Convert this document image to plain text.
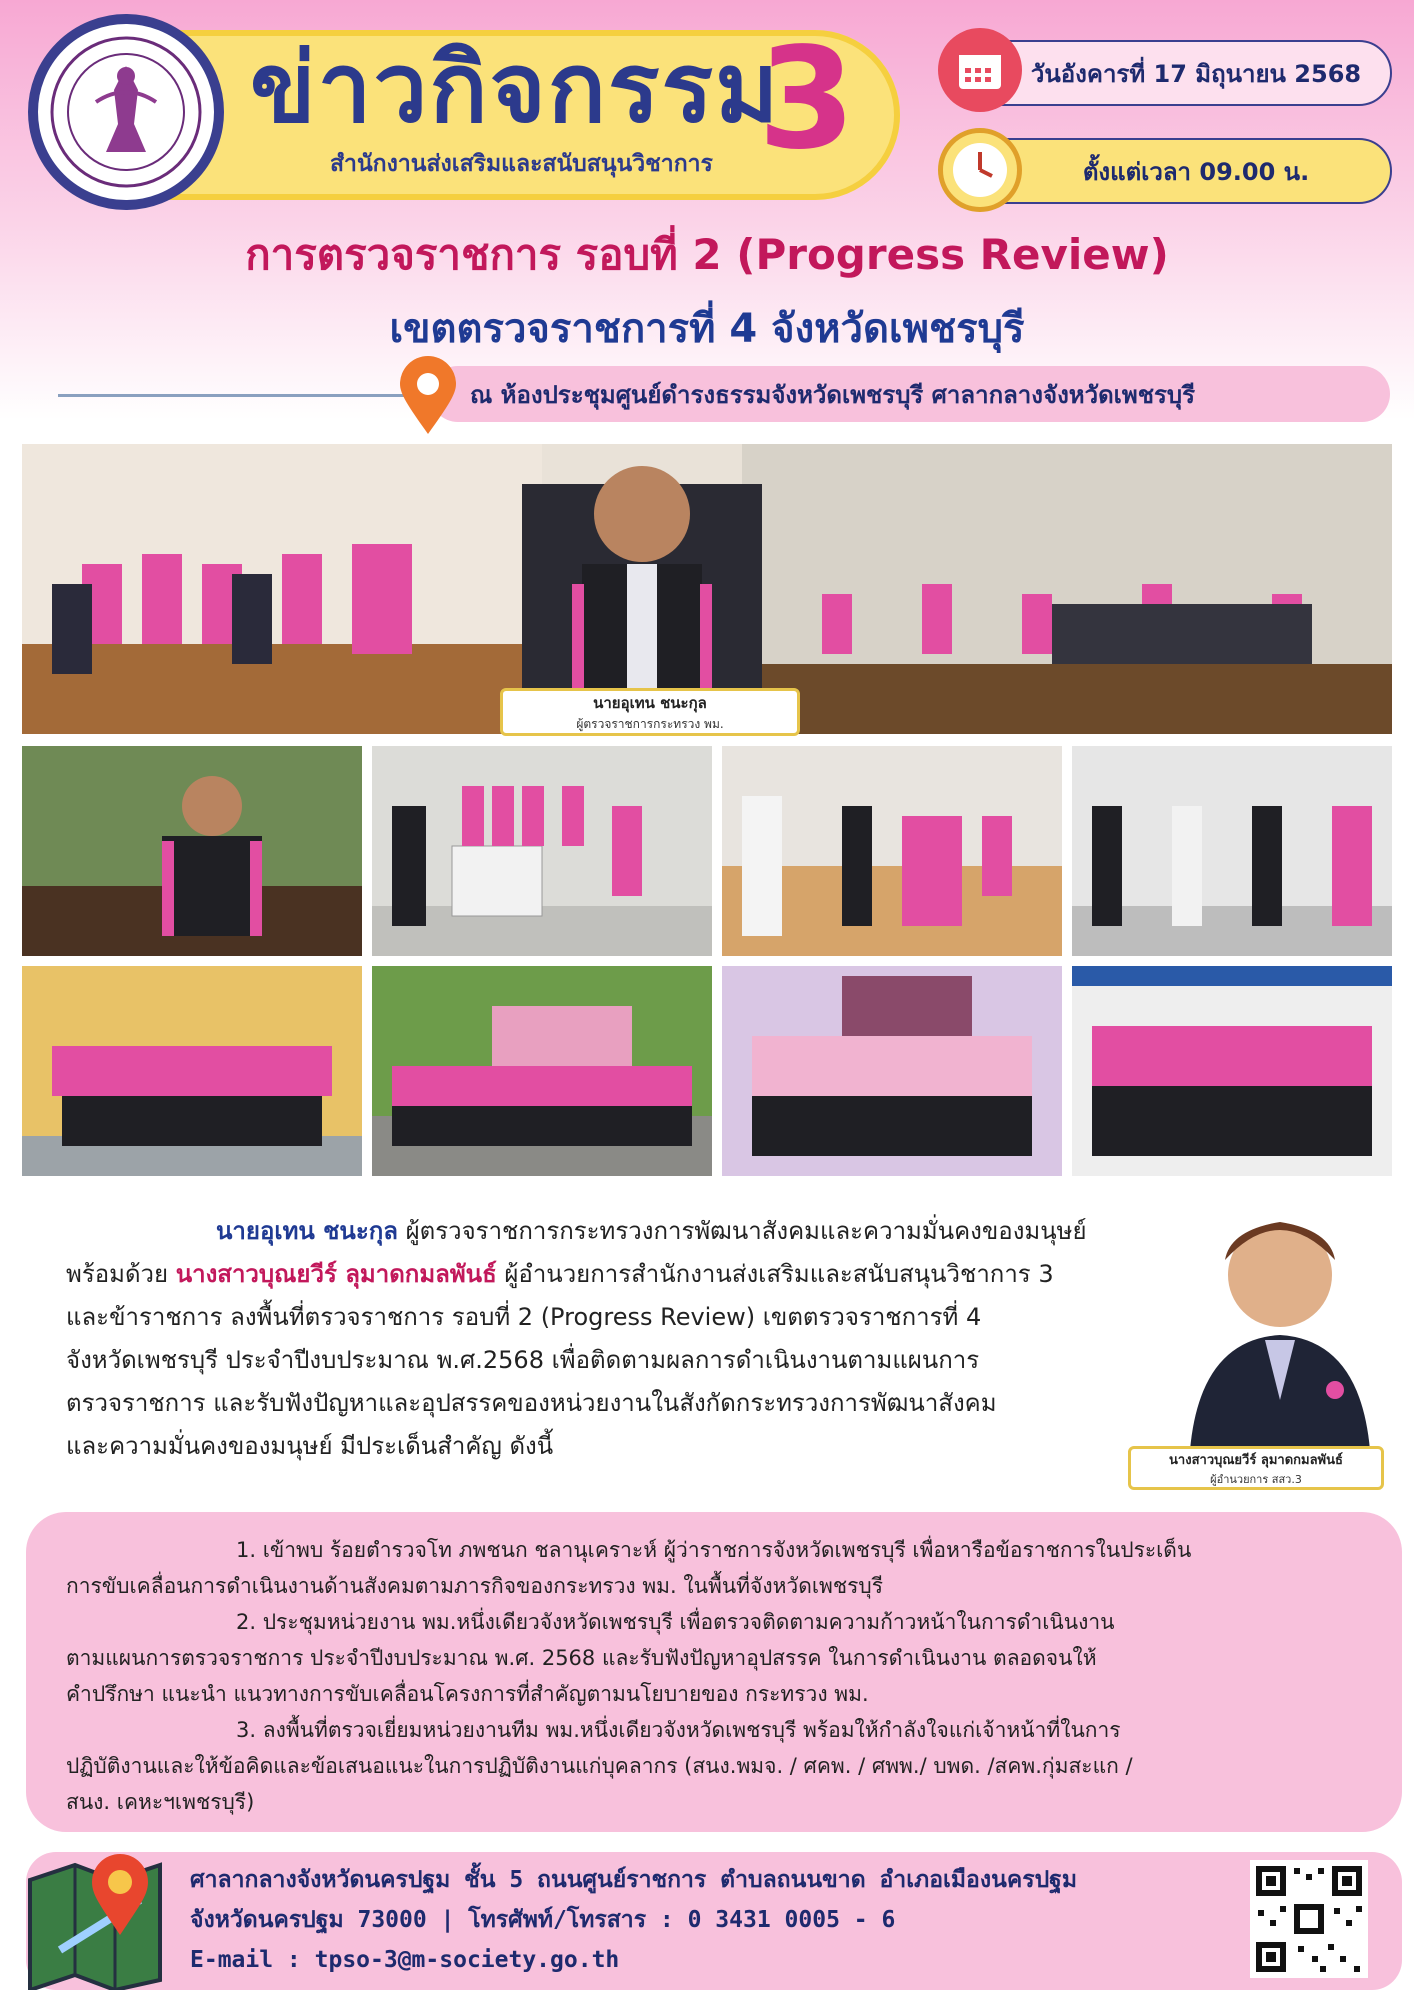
ข่าวกิจกรรม
3
สำนักงานส่งเสริมและสนับสนุนวิชาการ
วันอังคารที่ 17 มิถุนายน 2568
ตั้งแต่เวลา 09.00 น.
การตรวจราชการ รอบที่ 2 (Progress Review)
เขตตรวจราชการที่ 4 จังหวัดเพชรบุรี
ณ ห้องประชุมศูนย์ดำรงธรรมจังหวัดเพชรบุรี ศาลากลางจังหวัดเพชรบุรี
นายอุเทน ชนะกุล
ผู้ตรวจราชการกระทรวง พม.
นายอุเทน ชนะกุล ผู้ตรวจราชการกระทรวงการพัฒนาสังคมและความมั่นคงของมนุษย์
พร้อมด้วย นางสาวบุณยวีร์ ลุมาดกมลพันธ์ ผู้อำนวยการสำนักงานส่งเสริมและสนับสนุนวิชาการ 3
และข้าราชการ ลงพื้นที่ตรวจราชการ รอบที่ 2 (Progress Review) เขตตรวจราชการที่ 4
จังหวัดเพชรบุรี ประจำปีงบประมาณ พ.ศ.2568 เพื่อติดตามผลการดำเนินงานตามแผนการ
ตรวจราชการ และรับฟังปัญหาและอุปสรรคของหน่วยงานในสังกัดกระทรวงการพัฒนาสังคม
และความมั่นคงของมนุษย์ มีประเด็นสำคัญ ดังนี้
นางสาวบุณยวีร์ ลุมาดกมลพันธ์
ผู้อำนวยการ สสว.3

1. เข้าพบ ร้อยตำรวจโท ภพชนก ชลานุเคราะห์ ผู้ว่าราชการจังหวัดเพชรบุรี เพื่อหารือข้อราชการในประเด็น

การขับเคลื่อนการดำเนินงานด้านสังคมตามภารกิจของกระทรวง พม. ในพื้นที่จังหวัดเพชรบุรี

2. ประชุมหน่วยงาน พม.หนึ่งเดียวจังหวัดเพชรบุรี เพื่อตรวจติดตามความก้าวหน้าในการดำเนินงาน

ตามแผนการตรวจราชการ ประจำปีงบประมาณ พ.ศ. 2568 และรับฟังปัญหาอุปสรรค ในการดำเนินงาน ตลอดจนให้

คำปรึกษา แนะนำ แนวทางการขับเคลื่อนโครงการที่สำคัญตามนโยบายของ กระทรวง พม.

3. ลงพื้นที่ตรวจเยี่ยมหน่วยงานทีม พม.หนึ่งเดียวจังหวัดเพชรบุรี พร้อมให้กำลังใจแก่เจ้าหน้าที่ในการ

ปฏิบัติงานและให้ข้อคิดและข้อเสนอแนะในการปฏิบัติงานแก่บุคลากร (สนง.พมจ. / ศคพ. / ศพพ./ บพด. /สคพ.กุ่มสะแก /

สนง. เคหะฯเพชรบุรี)

ศาลากลางจังหวัดนครปฐม ชั้น 5 ถนนศูนย์ราชการ ตำบลถนนขาด อำเภอเมืองนครปฐม
จังหวัดนครปฐม 73000 | โทรศัพท์/โทรสาร : 0 3431 0005 - 6
E-mail : tpso-3@m-society.go.th
